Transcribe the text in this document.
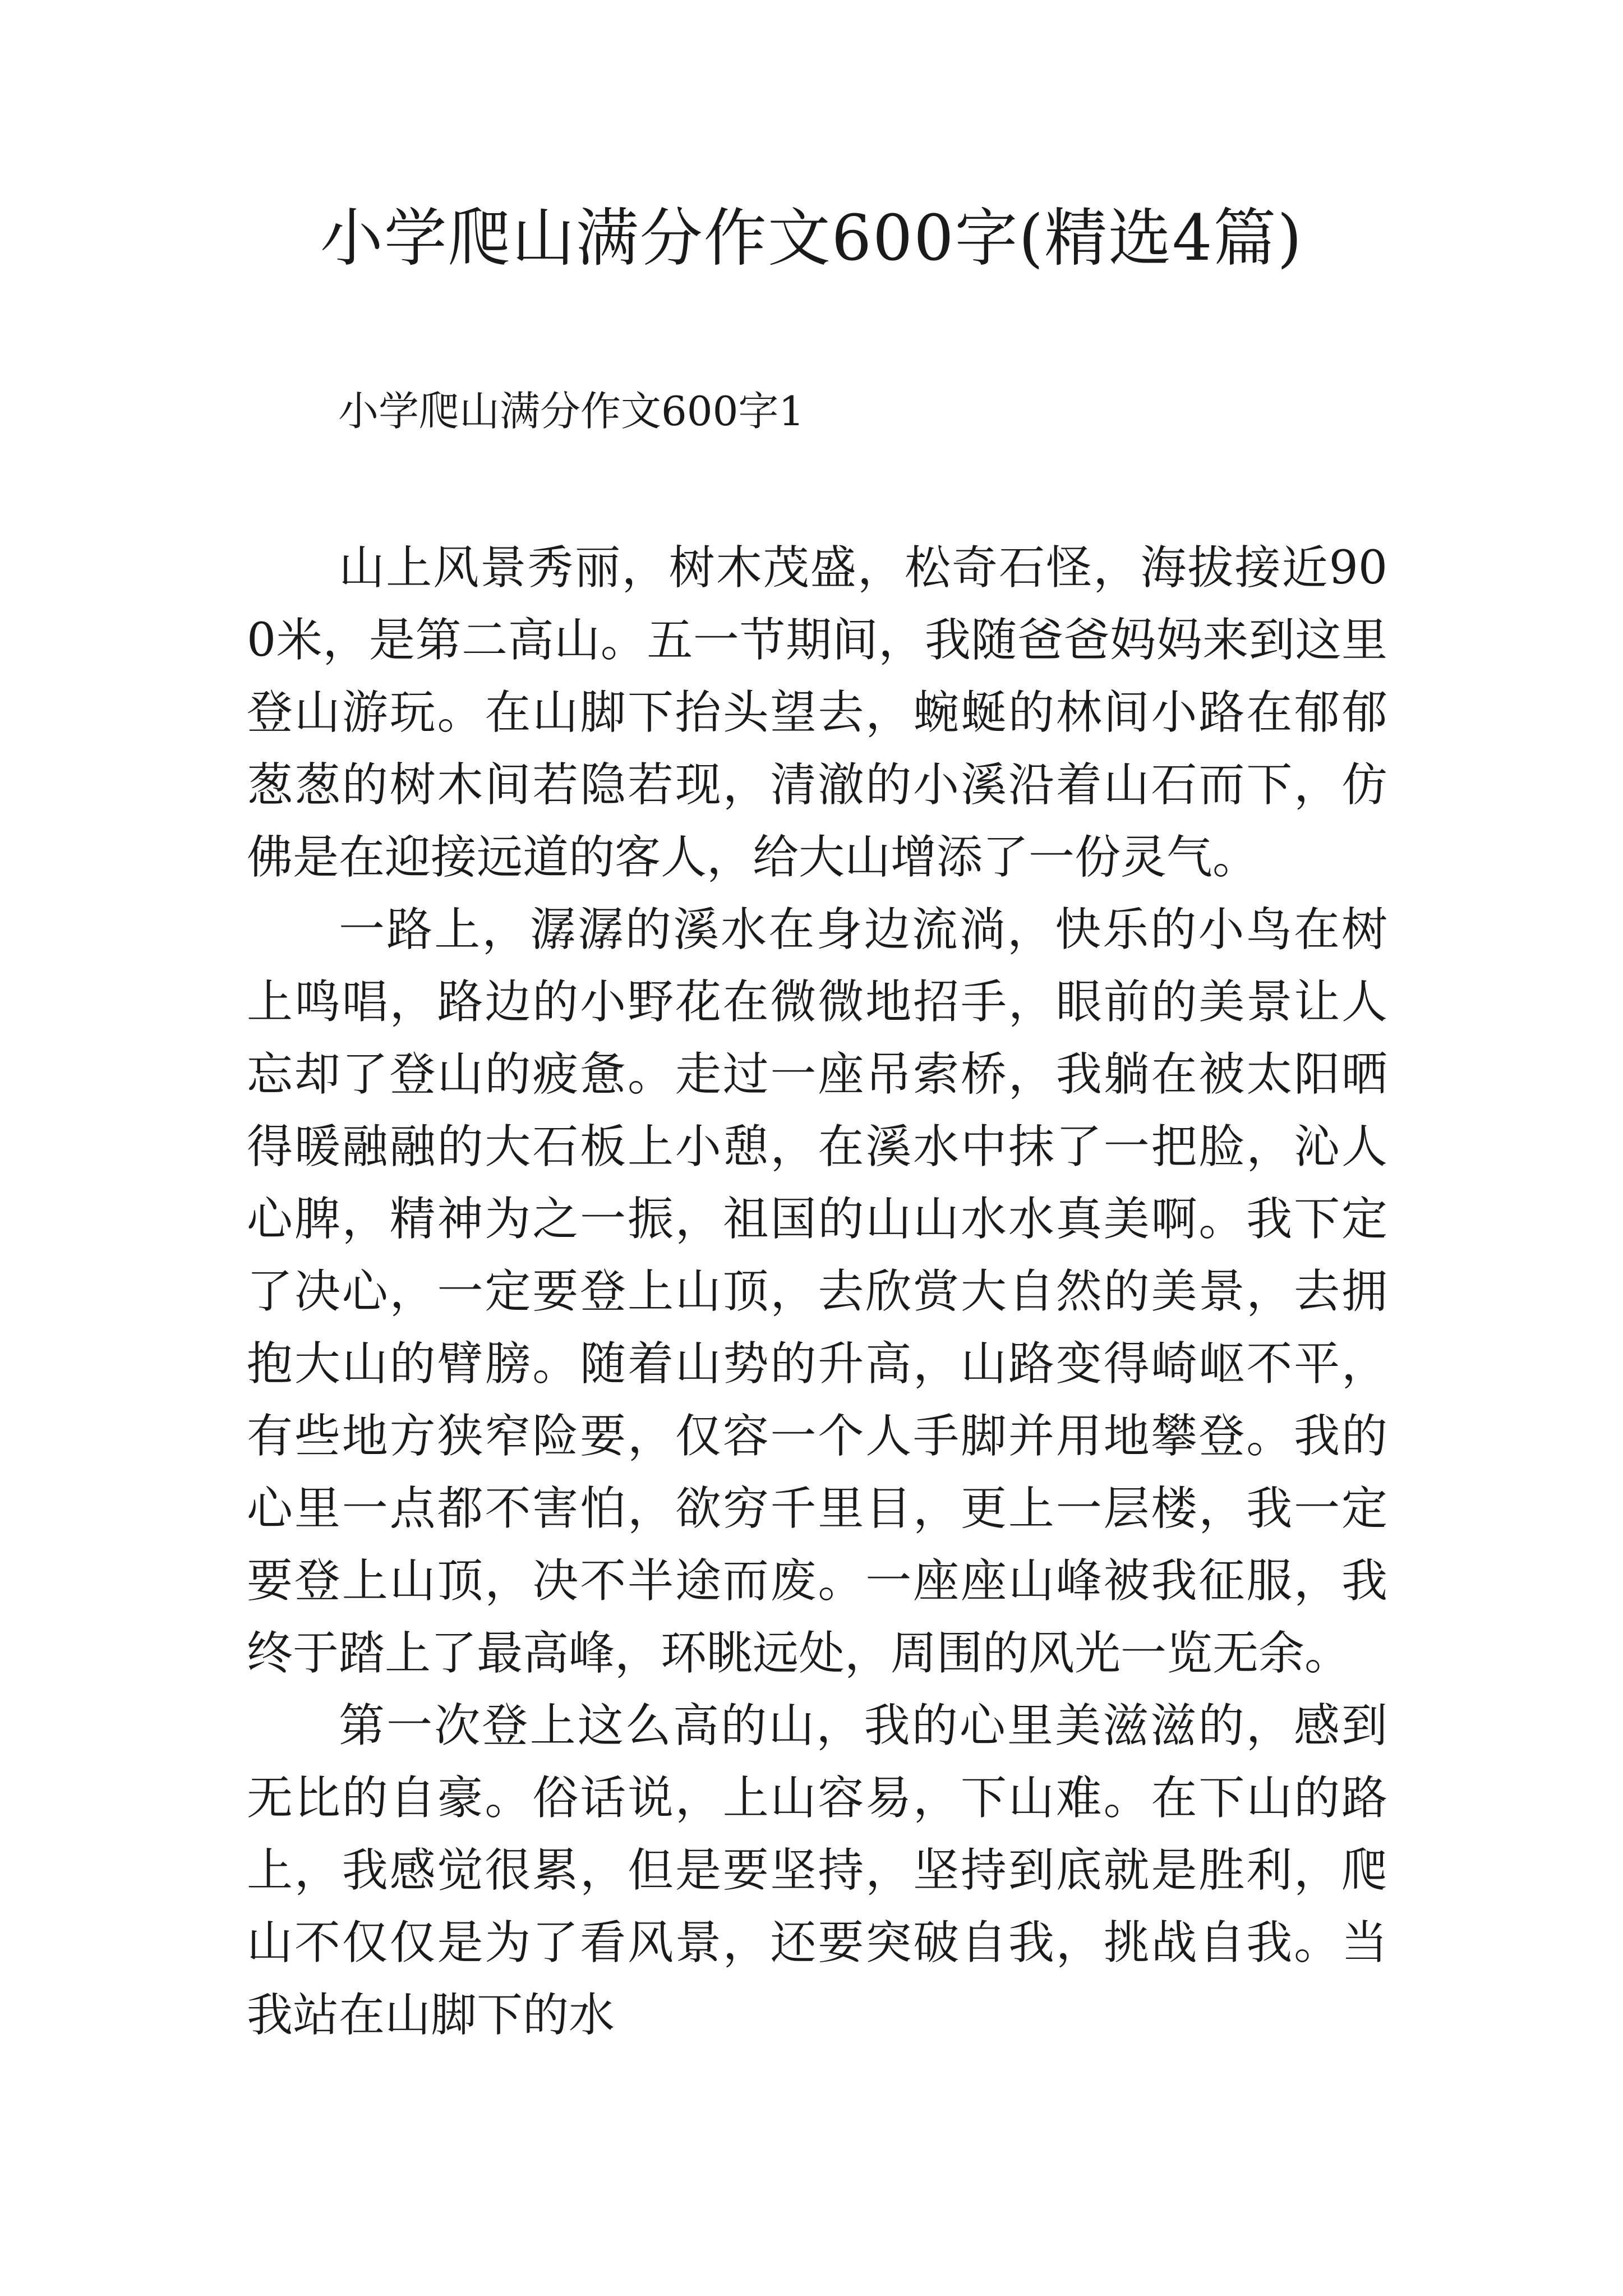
小学爬山满分作文600字(精选4篇)
小学爬山满分作文600字1

山上风景秀丽，树木茂盛，松奇石怪，海拔接近900米，是第二高山。五一节期间，我随爸爸妈妈来到这里登山游玩。在山脚下抬头望去，蜿蜒的林间小路在郁郁葱葱的树木间若隐若现，清澈的小溪沿着山石而下，仿佛是在迎接远道的客人，给大山增添了一份灵气。

一路上，潺潺的溪水在身边流淌，快乐的小鸟在树上鸣唱，路边的小野花在微微地招手，眼前的美景让人忘却了登山的疲惫。走过一座吊索桥，我躺在被太阳晒得暖融融的大石板上小憩，在溪水中抹了一把脸，沁人心脾，精神为之一振，祖国的山山水水真美啊。我下定了决心，一定要登上山顶，去欣赏大自然的美景，去拥抱大山的臂膀。随着山势的升高，山路变得崎岖不平，有些地方狭窄险要，仅容一个人手脚并用地攀登。我的心里一点都不害怕，欲穷千里目，更上一层楼，我一定要登上山顶，决不半途而废。一座座山峰被我征服，我终于踏上了最高峰，环眺远处，周围的风光一览无余。

第一次登上这么高的山，我的心里美滋滋的，感到无比的自豪。俗话说，上山容易，下山难。在下山的路上，我感觉很累，但是要坚持，坚持到底就是胜利，爬山不仅仅是为了看风景，还要突破自我，挑战自我。当我站在山脚下的水
